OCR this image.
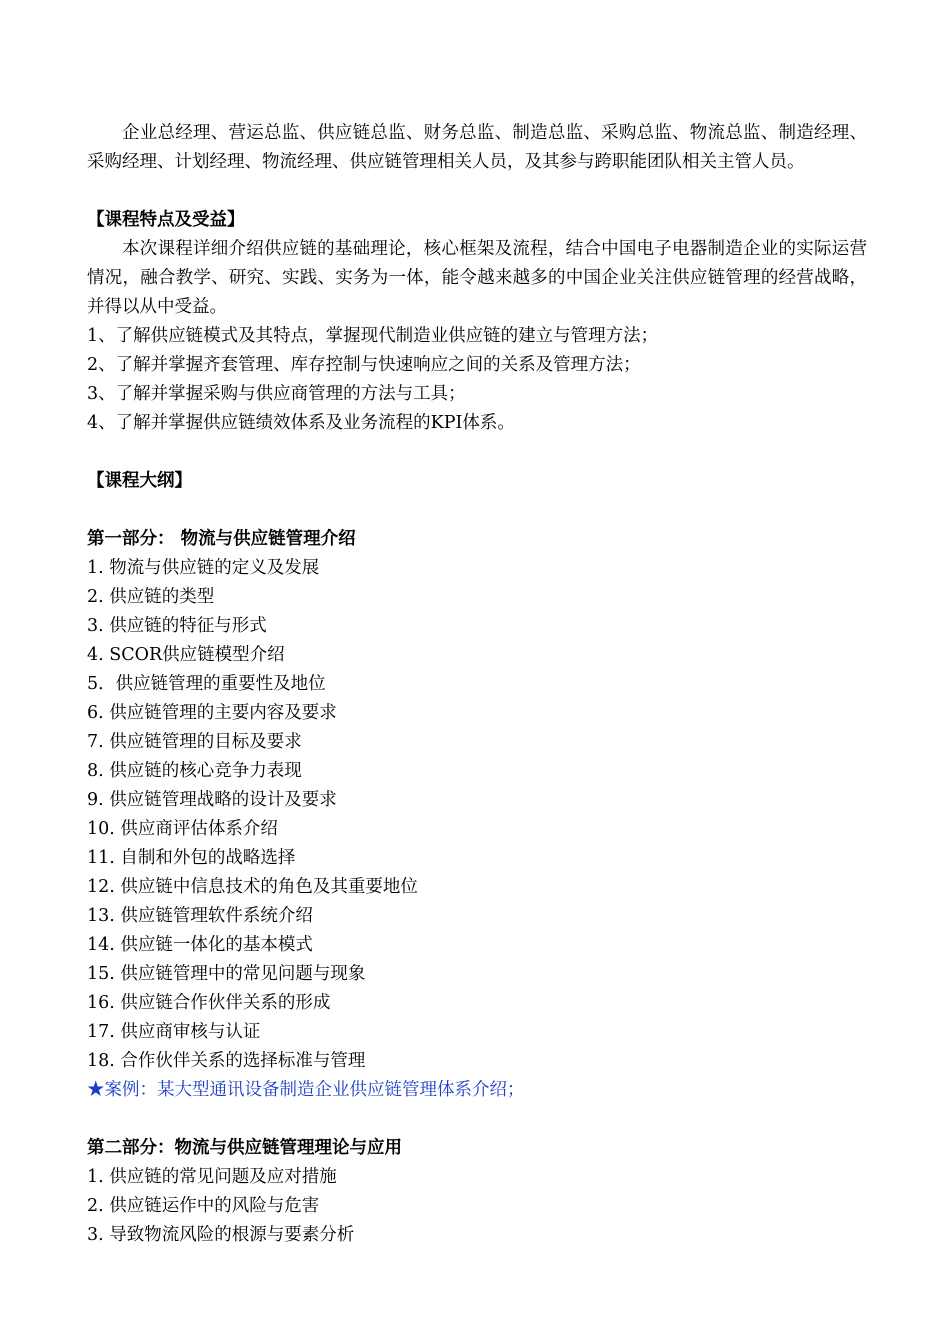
企业总经理、营运总监、供应链总监、财务总监、制造总监、采购总监、物流总监、制造经理、采购经理、计划经理、物流经理、供应链管理相关人员，及其参与跨职能团队相关主管人员。

【课程特点及受益】

本次课程详细介绍供应链的基础理论，核心框架及流程，结合中国电子电器制造企业的实际运营情况，融合教学、研究、实践、实务为一体，能令越来越多的中国企业关注供应链管理的经营战略，并得以从中受益。

1、了解供应链模式及其特点，掌握现代制造业供应链的建立与管理方法；
2、了解并掌握齐套管理、库存控制与快速响应之间的关系及管理方法；
3、了解并掌握采购与供应商管理的方法与工具；
4、了解并掌握供应链绩效体系及业务流程的KPI体系。

【课程大纲】

第一部分： 物流与供应链管理介绍

1. 物流与供应链的定义及发展
2. 供应链的类型
3. 供应链的特征与形式
4. SCOR供应链模型介绍
5．供应链管理的重要性及地位
6. 供应链管理的主要内容及要求
7. 供应链管理的目标及要求
8. 供应链的核心竞争力表现
9. 供应链管理战略的设计及要求
10. 供应商评估体系介绍
11. 自制和外包的战略选择
12. 供应链中信息技术的角色及其重要地位
13. 供应链管理软件系统介绍
14. 供应链一体化的基本模式
15. 供应链管理中的常见问题与现象
16. 供应链合作伙伴关系的形成
17. 供应商审核与认证
18. 合作伙伴关系的选择标准与管理

★案例：某大型通讯设备制造企业供应链管理体系介绍；

第二部分：物流与供应链管理理论与应用

1. 供应链的常见问题及应对措施
2. 供应链运作中的风险与危害
3. 导致物流风险的根源与要素分析
